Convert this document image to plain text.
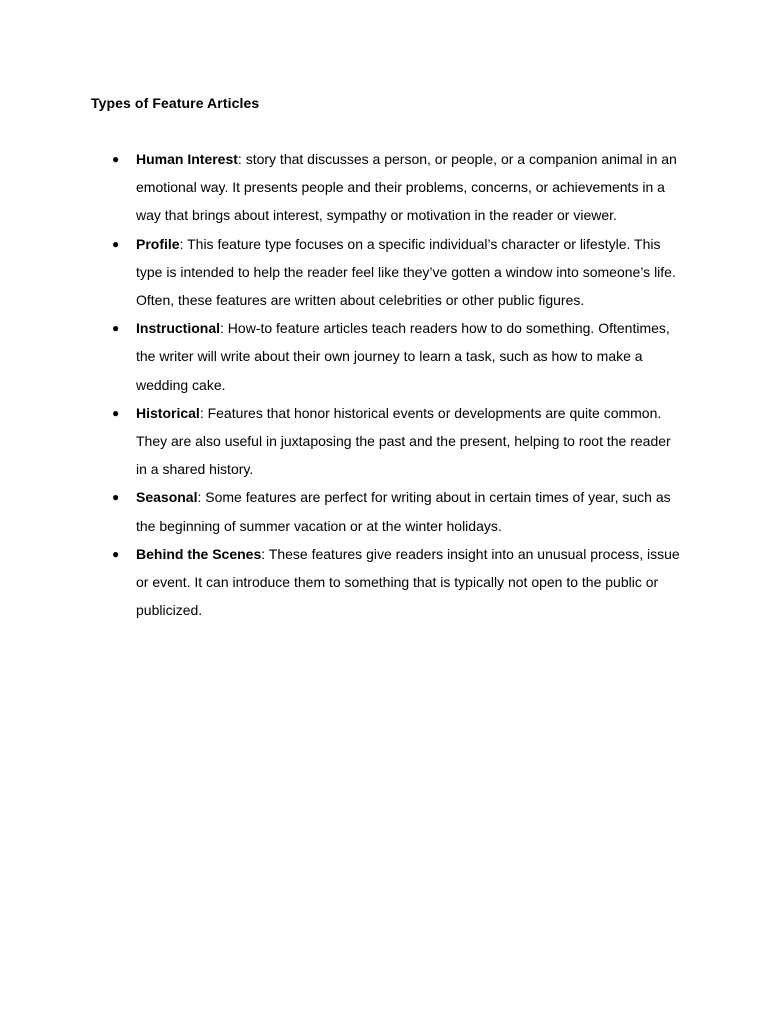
Types of Feature Articles
● Human Interest: story that discusses a person, or people, or a companion animal in an emotional way. It presents people and their problems, concerns, or achievements in a way that brings about interest, sympathy or motivation in the reader or viewer.
● Profile: This feature type focuses on a specific individual’s character or lifestyle. This type is intended to help the reader feel like they’ve gotten a window into someone’s life. Often, these features are written about celebrities or other public figures.
● Instructional: How-to feature articles teach readers how to do something. Oftentimes, the writer will write about their own journey to learn a task, such as how to make a wedding cake.
● Historical: Features that honor historical events or developments are quite common. They are also useful in juxtaposing the past and the present, helping to root the reader in a shared history.
● Seasonal: Some features are perfect for writing about in certain times of year, such as the beginning of summer vacation or at the winter holidays.
● Behind the Scenes: These features give readers insight into an unusual process, issue or event. It can introduce them to something that is typically not open to the public or publicized.
